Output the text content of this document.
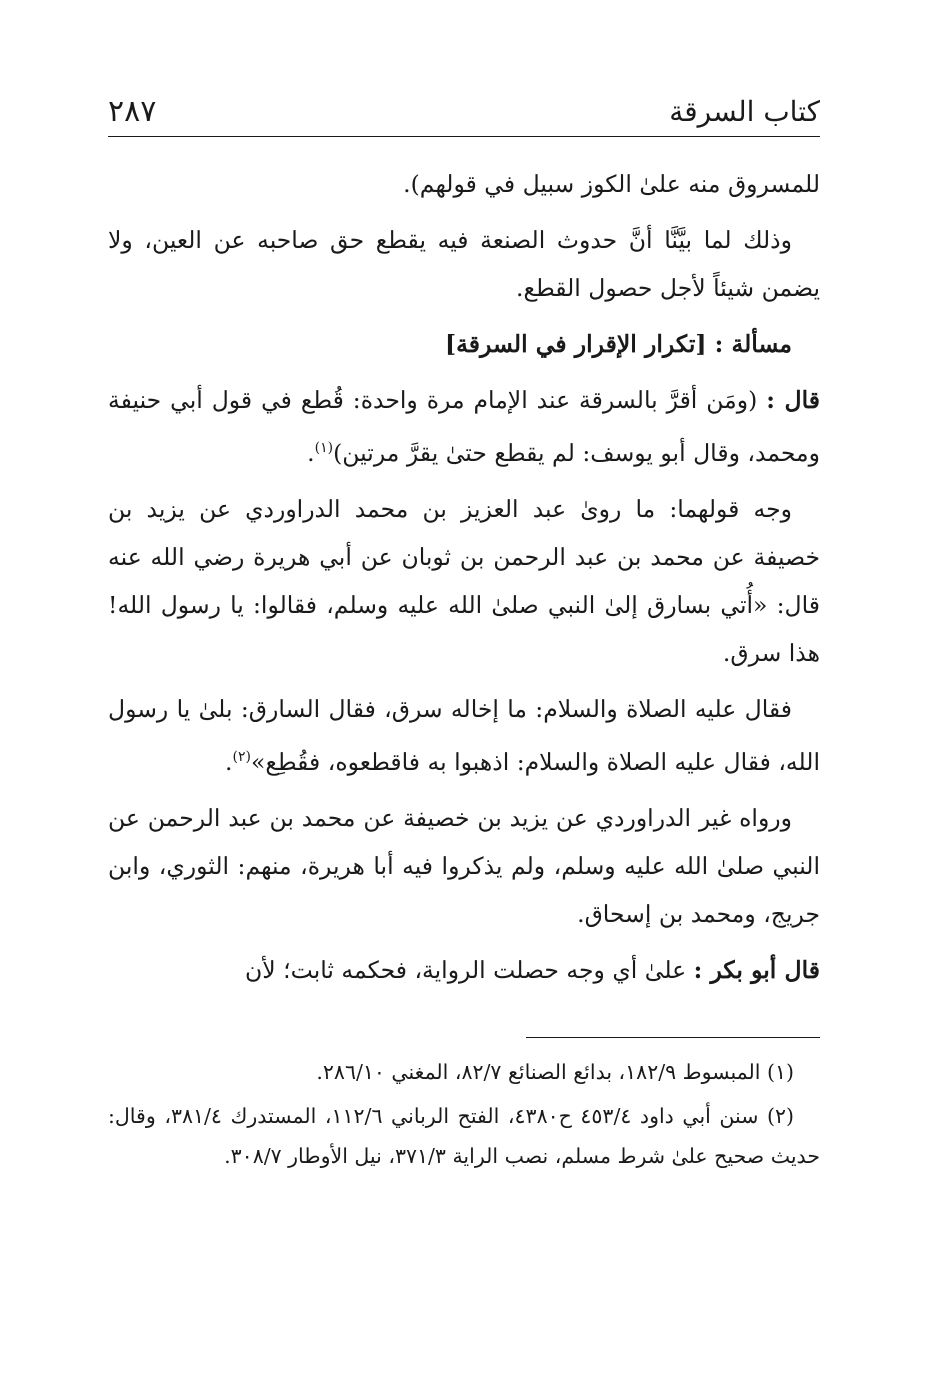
٢٨٧	كتاب السرقة

للمسروق منه علىٰ الكوز سبيل في قولهم).

وذلك لما بيَّنَّا أنَّ حدوث الصنعة فيه يقطع حق صاحبه عن العين، ولا يضمن شيئاً لأجل حصول القطع.

مسألة : [تكرار الإقرار في السرقة]

قال : (ومَن أقرَّ بالسرقة عند الإمام مرة واحدة: قُطع في قول أبي حنيفة ومحمد، وقال أبو يوسف: لم يقطع حتىٰ يقرَّ مرتين)$^{(١)}$.

وجه قولهما: ما روىٰ عبد العزيز بن محمد الدراوردي عن يزيد بن خصيفة عن محمد بن عبد الرحمن بن ثوبان عن أبي هريرة رضي الله عنه قال: «أُتي بسارق إلىٰ النبي صلىٰ الله عليه وسلم، فقالوا: يا رسول الله! هذا سرق.

فقال عليه الصلاة والسلام: ما إخاله سرق، فقال السارق: بلىٰ يا رسول الله، فقال عليه الصلاة والسلام: اذهبوا به فاقطعوه، فقُطِع»$^{(٢)}$.

ورواه غير الدراوردي عن يزيد بن خصيفة عن محمد بن عبد الرحمن عن النبي صلىٰ الله عليه وسلم، ولم يذكروا فيه أبا هريرة، منهم: الثوري، وابن جريج، ومحمد بن إسحاق.

قال أبو بكر : علىٰ أي وجه حصلت الرواية، فحكمه ثابت؛ لأن

(١) المبسوط ١٨٢/٩، بدائع الصنائع ٨٢/٧، المغني ٢٨٦/١٠.

(٢) سنن أبي داود ٤٥٣/٤ ح٤٣٨٠، الفتح الرباني ١١٢/٦، المستدرك ٣٨١/٤، وقال: حديث صحيح علىٰ شرط مسلم، نصب الراية ٣٧١/٣، نيل الأوطار ٣٠٨/٧.
